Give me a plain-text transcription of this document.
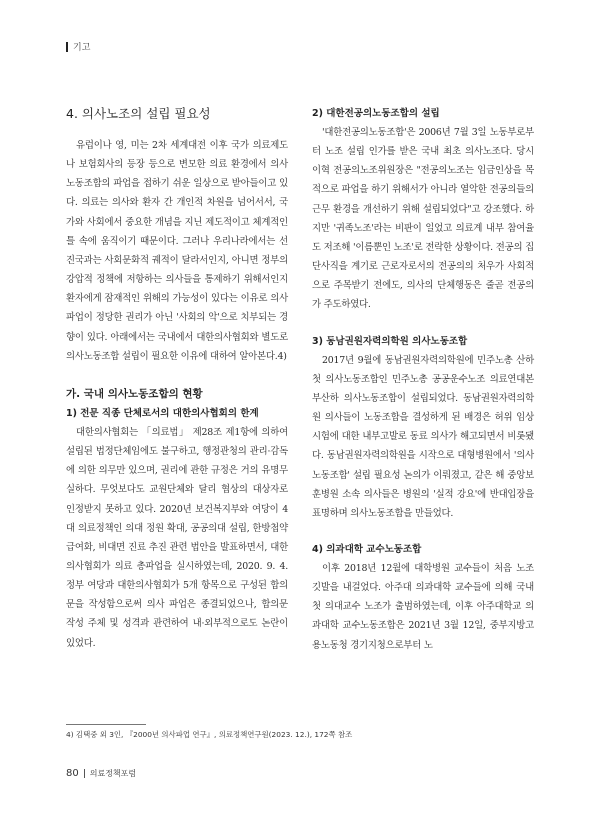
기고

4. 의사노조의 설립 필요성

유럽이나 영, 미는 2차 세계대전 이후 국가 의료제도나 보험회사의 등장 등으로 변모한 의료 환경에서 의사노동조합의 파업을 접하기 쉬운 일상으로 받아들이고 있다. 의료는 의사와 환자 간 개인적 차원을 넘어서서, 국가와 사회에서 중요한 개념을 지닌 제도적이고 체계적인 틀 속에 움직이기 때문이다. 그러나 우리나라에서는 선진국과는 사회문화적 궤적이 달라서인지, 아니면 정부의 강압적 정책에 저항하는 의사들을 통제하기 위해서인지 환자에게 잠재적인 위해의 가능성이 있다는 이유로 의사파업이 정당한 권리가 아닌 '사회의 악'으로 치부되는 경향이 있다. 아래에서는 국내에서 대한의사협회와 별도로 의사노동조합 설립이 필요한 이유에 대하여 알아본다.4)

가. 국내 의사노동조합의 현황

1) 전문 직종 단체로서의 대한의사협회의 한계

대한의사협회는 「의료법」 제28조 제1항에 의하여 설립된 법정단체임에도 불구하고, 행정관청의 관리·감독에 의한 의무만 있으며, 권리에 관한 규정은 거의 유명무실하다. 무엇보다도 교원단체와 달리 협상의 대상자로 인정받지 못하고 있다. 2020년 보건복지부와 여당이 4대 의료정책인 의대 정원 확대, 공공의대 설립, 한방첩약 급여화, 비대면 진료 추진 관련 법안을 발표하면서, 대한의사협회가 의료 총파업을 실시하였는데, 2020. 9. 4. 정부 여당과 대한의사협회가 5개 항목으로 구성된 합의문을 작성함으로써 의사 파업은 종결되었으나, 합의문 작성 주체 및 성격과 관련하여 내·외부적으로도 논란이 있었다.

2) 대한전공의노동조합의 설립

'대한전공의노동조합'은 2006년 7월 3일 노동부로부터 노조 설립 인가를 받은 국내 최초 의사노조다. 당시 이혁 전공의노조위원장은 "전공의노조는 임금인상을 목적으로 파업을 하기 위해서가 아니라 열악한 전공의들의 근무 환경을 개선하기 위해 설립되었다"고 강조했다. 하지만 '귀족노조'라는 비판이 일었고 의료계 내부 참여율도 저조해 '이름뿐인 노조'로 전락한 상황이다. 전공의 집단사직을 계기로 근로자로서의 전공의의 처우가 사회적으로 주목받기 전에도, 의사의 단체행동은 줄곧 전공의가 주도하였다.

3) 동남권원자력의학원 의사노동조합

2017년 9월에 동남권원자력의학원에 민주노총 산하 첫 의사노동조합인 민주노총 공공운수노조 의료연대본부산하 의사노동조합이 설립되었다. 동남권원자력의학원 의사들이 노동조합을 결성하게 된 배경은 허위 임상시험에 대한 내부고발로 동료 의사가 해고되면서 비롯됐다. 동남권원자력의학원을 시작으로 대형병원에서 '의사노동조합' 설립 필요성 논의가 이뤄졌고, 같은 해 중앙보훈병원 소속 의사들은 병원의 '실적 강요'에 반대입장을 표명하며 의사노동조합을 만들었다.

4) 의과대학 교수노동조합

이후 2018년 12월에 대학병원 교수들이 처음 노조 깃발을 내걸었다. 아주대 의과대학 교수들에 의해 국내 첫 의대교수 노조가 출범하였는데, 이후 아주대학교 의과대학 교수노동조합은 2021년 3월 12일, 중부지방고용노동청 경기지청으로부터 노

4) 김택중 외 3인, 『2000년 의사파업 연구』, 의료정책연구원(2023. 12.), 172쪽 참조
80 의료정책포럼
